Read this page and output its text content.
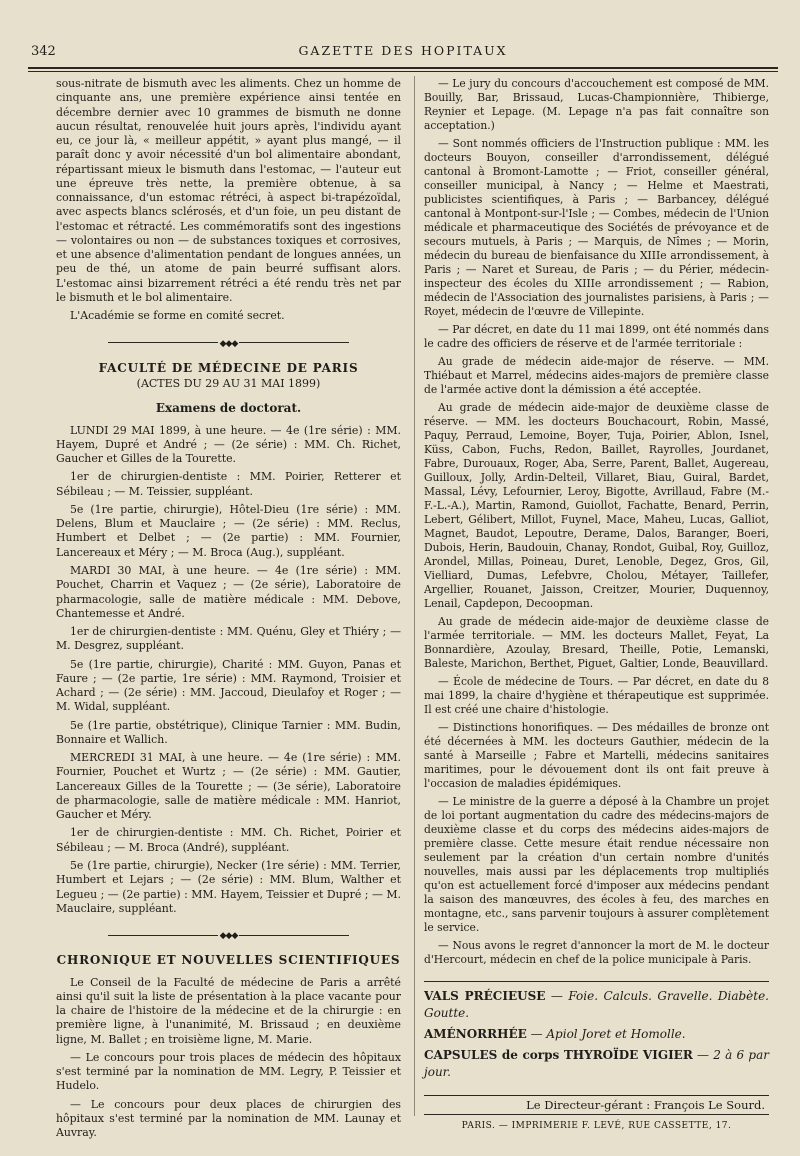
342	GAZETTE DES HOPITAUX

sous-nitrate de bismuth avec les aliments. Chez un homme de cinquante ans, une première expérience ainsi tentée en décembre dernier avec 10 grammes de bismuth ne donne aucun résultat, renouvelée huit jours après, l'individu ayant eu, ce jour là, « meilleur appétit, » ayant plus mangé, — il paraît donc y avoir nécessité d'un bol alimentaire abondant, répartissant mieux le bismuth dans l'estomac, — l'auteur eut une épreuve très nette, la première obtenue, à sa connaissance, d'un estomac rétréci, à aspect bi-trapézoïdal, avec aspects blancs sclérosés, et d'un foie, un peu distant de l'estomac et rétracté. Les commémoratifs sont des ingestions — volontaires ou non — de substances toxiques et corrosives, et une absence d'alimentation pendant de longues années, un peu de thé, un atome de pain beurré suffisant alors. L'estomac ainsi bizarrement rétréci a été rendu très net par le bismuth et le bol alimentaire.

L'Académie se forme en comité secret.

◆◆◆
FACULTÉ DE MÉDECINE DE PARIS
(ACTES DU 29 AU 31 MAI 1899)
Examens de doctorat.

LUNDI 29 MAI 1899, à une heure. — 4e (1re série) : MM. Hayem, Dupré et André ; — (2e série) : MM. Ch. Richet, Gaucher et Gilles de la Tourette.

1er de chirurgien-dentiste : MM. Poirier, Retterer et Sébileau ; — M. Teissier, suppléant.

5e (1re partie, chirurgie), Hôtel-Dieu (1re série) : MM. Delens, Blum et Mauclaire ; — (2e série) : MM. Reclus, Humbert et Delbet ; — (2e partie) : MM. Fournier, Lancereaux et Méry ; — M. Broca (Aug.), suppléant.

MARDI 30 MAI, à une heure. — 4e (1re série) : MM. Pouchet, Charrin et Vaquez ; — (2e série), Laboratoire de pharmacologie, salle de matière médicale : MM. Debove, Chantemesse et André.

1er de chirurgien-dentiste : MM. Quénu, Gley et Thiéry ; — M. Desgrez, suppléant.

5e (1re partie, chirurgie), Charité : MM. Guyon, Panas et Faure ; — (2e partie, 1re série) : MM. Raymond, Troisier et Achard ; — (2e série) : MM. Jaccoud, Dieulafoy et Roger ; — M. Widal, suppléant.

5e (1re partie, obstétrique), Clinique Tarnier : MM. Budin, Bonnaire et Wallich.

MERCREDI 31 MAI, à une heure. — 4e (1re série) : MM. Fournier, Pouchet et Wurtz ; — (2e série) : MM. Gautier, Lancereaux Gilles de la Tourette ; — (3e série), Laboratoire de pharmacologie, salle de matière médicale : MM. Hanriot, Gaucher et Méry.

1er de chirurgien-dentiste : MM. Ch. Richet, Poirier et Sébileau ; — M. Broca (André), suppléant.

5e (1re partie, chirurgie), Necker (1re série) : MM. Terrier, Humbert et Lejars ; — (2e série) : MM. Blum, Walther et Legueu ; — (2e partie) : MM. Hayem, Teissier et Dupré ; — M. Mauclaire, suppléant.

◆◆◆
CHRONIQUE ET NOUVELLES SCIENTIFIQUES

Le Conseil de la Faculté de médecine de Paris a arrêté ainsi qu'il suit la liste de présentation à la place vacante pour la chaire de l'histoire de la médecine et de la chirurgie : en première ligne, à l'unanimité, M. Brissaud ; en deuxième ligne, M. Ballet ; en troisième ligne, M. Marie.

— Le concours pour trois places de médecin des hôpitaux s'est terminé par la nomination de MM. Legry, P. Teissier et Hudelo.

— Le concours pour deux places de chirurgien des hôpitaux s'est terminé par la nomination de MM. Launay et Auvray.

— Le jury du concours d'accouchement est composé de MM. Bouilly, Bar, Brissaud, Lucas-Championnière, Thibierge, Reynier et Lepage. (M. Lepage n'a pas fait connaître son acceptation.)

— Sont nommés officiers de l'Instruction publique : MM. les docteurs Bouyon, conseiller d'arrondissement, délégué cantonal à Bromont-Lamotte ; — Friot, conseiller général, conseiller municipal, à Nancy ; — Helme et Maestrati, publicistes scientifiques, à Paris ; — Barbancey, délégué cantonal à Montpont-sur-l'Isle ; — Combes, médecin de l'Union médicale et pharmaceutique des Sociétés de prévoyance et de secours mutuels, à Paris ; — Marquis, de Nîmes ; — Morin, médecin du bureau de bienfaisance du XIIIe arrondissement, à Paris ; — Naret et Sureau, de Paris ; — du Périer, médecin-inspecteur des écoles du XIIIe arrondissement ; — Rabion, médecin de l'Association des journalistes parisiens, à Paris ; — Royet, médecin de l'œuvre de Villepinte.

— Par décret, en date du 11 mai 1899, ont été nommés dans le cadre des officiers de réserve et de l'armée territoriale :

Au grade de médecin aide-major de réserve. — MM. Thiébaut et Marrel, médecins aides-majors de première classe de l'armée active dont la démission a été acceptée.

Au grade de médecin aide-major de deuxième classe de réserve. — MM. les docteurs Bouchacourt, Robin, Massé, Paquy, Perraud, Lemoine, Boyer, Tuja, Poirier, Ablon, Isnel, Küss, Cabon, Fuchs, Redon, Baillet, Rayrolles, Jourdanet, Fabre, Durouaux, Roger, Aba, Serre, Parent, Ballet, Augereau, Guilloux, Jolly, Ardin-Delteil, Villaret, Biau, Guiral, Bardet, Massal, Lévy, Lefournier, Leroy, Bigotte, Avrillaud, Fabre (M.-F.-L.-A.), Martin, Ramond, Guiollot, Fachatte, Benard, Perrin, Lebert, Gélibert, Millot, Fuynel, Mace, Maheu, Lucas, Galliot, Magnet, Baudot, Lepoutre, Derame, Dalos, Baranger, Boeri, Dubois, Herin, Baudouin, Chanay, Rondot, Guibal, Roy, Guilloz, Arondel, Millas, Poineau, Duret, Lenoble, Degez, Gros, Gil, Vielliard, Dumas, Lefebvre, Cholou, Métayer, Taillefer, Argellier, Rouanet, Jaisson, Creitzer, Mourier, Duquennoy, Lenail, Capdepon, Decoopman.

Au grade de médecin aide-major de deuxième classe de l'armée territoriale. — MM. les docteurs Mallet, Feyat, La Bonnardière, Azoulay, Bresard, Theille, Potie, Lemanski, Baleste, Marichon, Berthet, Piguet, Galtier, Londe, Beauvillard.

— École de médecine de Tours. — Par décret, en date du 8 mai 1899, la chaire d'hygiène et thérapeutique est supprimée. Il est créé une chaire d'histologie.

— Distinctions honorifiques. — Des médailles de bronze ont été décernées à MM. les docteurs Gauthier, médecin de la santé à Marseille ; Fabre et Martelli, médecins sanitaires maritimes, pour le dévouement dont ils ont fait preuve à l'occasion de maladies épidémiques.

— Le ministre de la guerre a déposé à la Chambre un projet de loi portant augmentation du cadre des médecins-majors de deuxième classe et du corps des médecins aides-majors de première classe. Cette mesure était rendue nécessaire non seulement par la création d'un certain nombre d'unités nouvelles, mais aussi par les déplacements trop multipliés qu'on est actuellement forcé d'imposer aux médecins pendant la saison des manœuvres, des écoles à feu, des marches en montagne, etc., sans parvenir toujours à assurer complètement le service.

— Nous avons le regret d'annoncer la mort de M. le docteur d'Hercourt, médecin en chef de la police municipale à Paris.

VALS PRÉCIEUSE — Foie. Calculs. Gravelle. Diabète. Goutte.

AMÉNORRHÉE — Apiol Joret et Homolle.

CAPSULES de corps THYROÏDE VIGIER — 2 à 6 par jour.

Le Directeur-gérant : François Le Sourd.
PARIS. — IMPRIMERIE F. LEVÉ, RUE CASSETTE, 17.
